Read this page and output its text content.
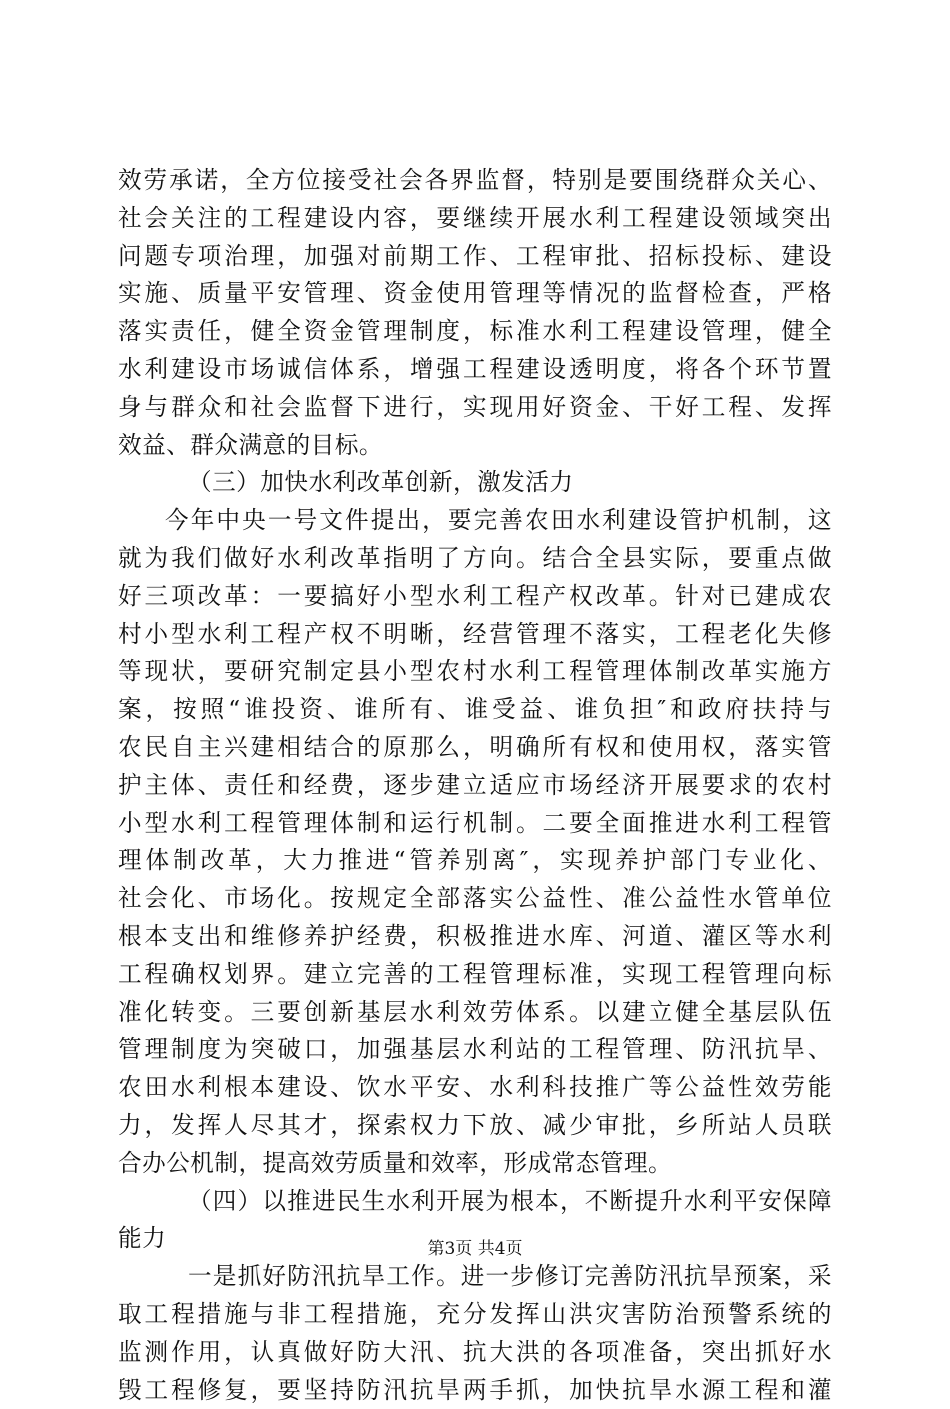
效劳承诺，全方位接受社会各界监督，特别是要围绕群众关心、
社会关注的工程建设内容，要继续开展水利工程建设领域突出
问题专项治理，加强对前期工作、工程审批、招标投标、建设
实施、质量平安管理、资金使用管理等情况的监督检查，严格
落实责任，健全资金管理制度，标准水利工程建设管理，健全
水利建设市场诚信体系，增强工程建设透明度，将各个环节置
身与群众和社会监督下进行，实现用好资金、干好工程、发挥
效益、群众满意的目标。
（三）加快水利改革创新，激发活力
今年中央一号文件提出，要完善农田水利建设管护机制，这
就为我们做好水利改革指明了方向。结合全县实际，要重点做
好三项改革：一要搞好小型水利工程产权改革。针对已建成农
村小型水利工程产权不明晰，经营管理不落实，工程老化失修
等现状，要研究制定县小型农村水利工程管理体制改革实施方
案，按照“谁投资、谁所有、谁受益、谁负担″和政府扶持与
农民自主兴建相结合的原那么，明确所有权和使用权，落实管
护主体、责任和经费，逐步建立适应市场经济开展要求的农村
小型水利工程管理体制和运行机制。二要全面推进水利工程管
理体制改革，大力推进“管养别离″，实现养护部门专业化、
社会化、市场化。按规定全部落实公益性、准公益性水管单位
根本支出和维修养护经费，积极推进水库、河道、灌区等水利
工程确权划界。建立完善的工程管理标准，实现工程管理向标
准化转变。三要创新基层水利效劳体系。以建立健全基层队伍
管理制度为突破口，加强基层水利站的工程管理、防汛抗旱、
农田水利根本建设、饮水平安、水利科技推广等公益性效劳能
力，发挥人尽其才，探索权力下放、减少审批，乡所站人员联
合办公机制，提高效劳质量和效率，形成常态管理。
（四）以推进民生水利开展为根本，不断提升水利平安保障
能力
一是抓好防汛抗旱工作。进一步修订完善防汛抗旱预案，采
取工程措施与非工程措施，充分发挥山洪灾害防治预警系统的
监测作用，认真做好防大汛、抗大洪的各项准备，突出抓好水
毁工程修复，要坚持防汛抗旱两手抓，加快抗旱水源工程和灌
第3页 共4页
